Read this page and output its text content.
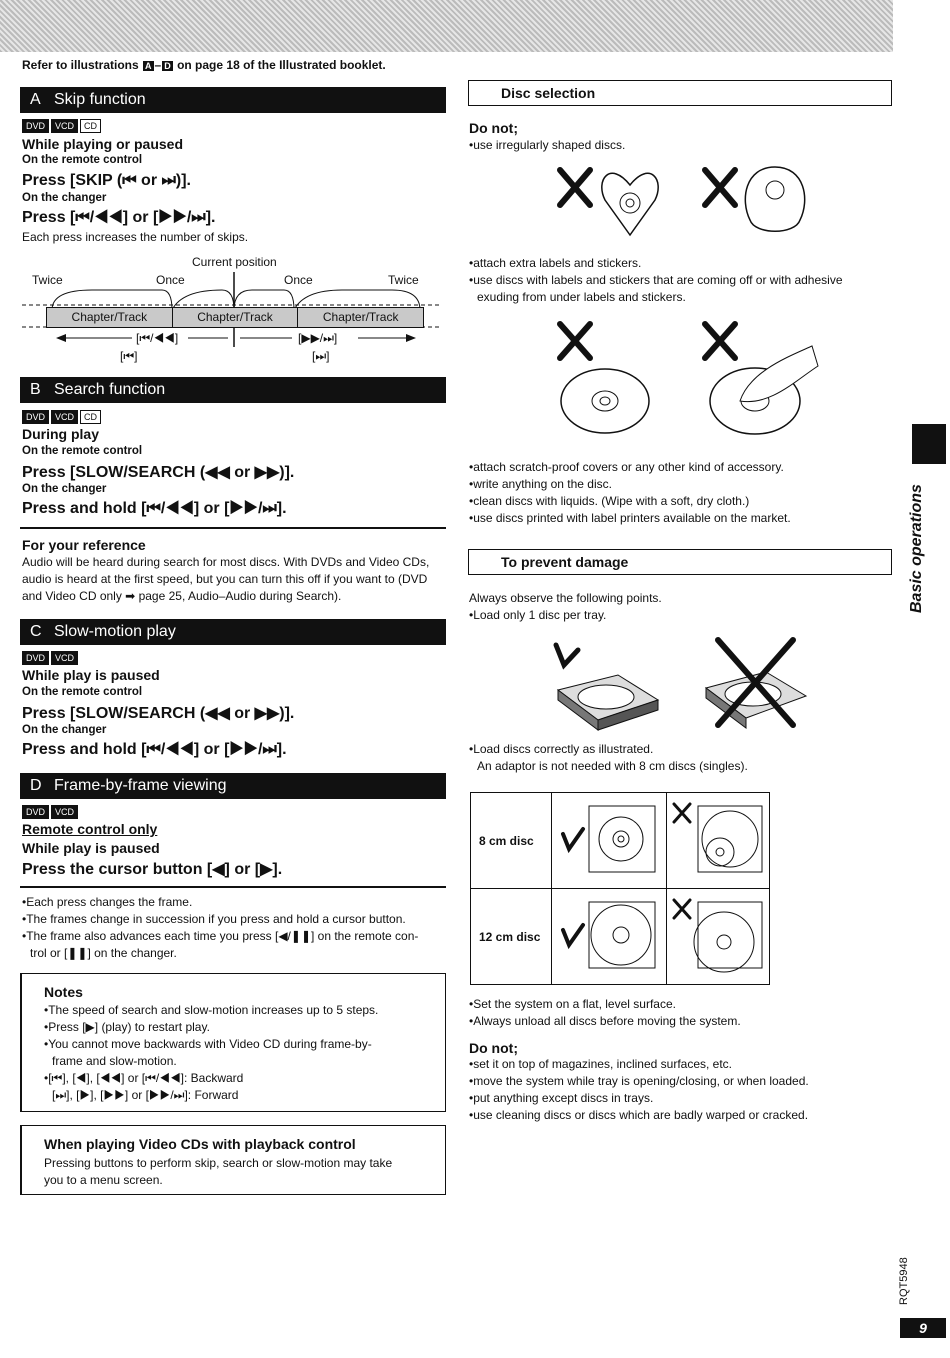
Refer to illustrations A – D on page 18 of the Illustrated booklet.
A Skip function
DVD VCD CD
While playing or paused
On the remote control
Press [SKIP (⏮ or ⏭)].
On the changer
Press [⏮/◀◀] or [▶▶/⏭].
Each press increases the number of skips.
Current position
Twice	Once	Once	Twice
Chapter/Track	Chapter/Track	Chapter/Track
[⏮/◀◀]
[⏮]
[▶▶/⏭]
[⏭]
B Search function
DVD VCD CD
During play
On the remote control
Press [SLOW/SEARCH (◀◀ or ▶▶)].
On the changer
Press and hold [⏮/◀◀] or [▶▶/⏭].
For your reference
Audio will be heard during search for most discs. With DVDs and Video CDs, audio is heard at the first speed, but you can turn this off if you want to (DVD and Video CD only ➡ page 25, Audio–Audio during Search).
C Slow-motion play
DVD VCD
While play is paused
On the remote control
Press [SLOW/SEARCH (◀◀ or ▶▶)].
On the changer
Press and hold [⏮/◀◀] or [▶▶/⏭].
D Frame-by-frame viewing
DVD VCD
Remote control only
While play is paused
Press the cursor button [◀] or [▶].
•Each press changes the frame.
•The frames change in succession if you press and hold a cursor button.
•The frame also advances each time you press [◀/❚❚] on the remote con-
trol or [❚❚] on the changer.
Notes
•The speed of search and slow-motion increases up to 5 steps.
•Press [▶] (play) to restart play.
•You cannot move backwards with Video CD during frame-by-
frame and slow-motion.
•[⏮], [◀], [◀◀] or [⏮/◀◀]: Backward
[⏭], [▶], [▶▶] or [▶▶/⏭]: Forward
When playing Video CDs with playback control
Pressing buttons to perform skip, search or slow-motion may take
you to a menu screen.
Disc selection
Do not;
•use irregularly shaped discs.
•attach extra labels and stickers.
•use discs with labels and stickers that are coming off or with adhesive
exuding from under labels and stickers.
•attach scratch-proof covers or any other kind of accessory.
•write anything on the disc.
•clean discs with liquids. (Wipe with a soft, dry cloth.)
•use discs printed with label printers available on the market.
To prevent damage
Always observe the following points.
•Load only 1 disc per tray.
•Load discs correctly as illustrated.
An adaptor is not needed with 8 cm discs (singles).
8 cm disc		
12 cm disc		
•Set the system on a flat, level surface.
•Always unload all discs before moving the system.
Do not;
•set it on top of magazines, inclined surfaces, etc.
•move the system while tray is opening/closing, or when loaded.
•put anything except discs in trays.
•use cleaning discs or discs which are badly warped or cracked.
Basic operations
RQT5948
9
